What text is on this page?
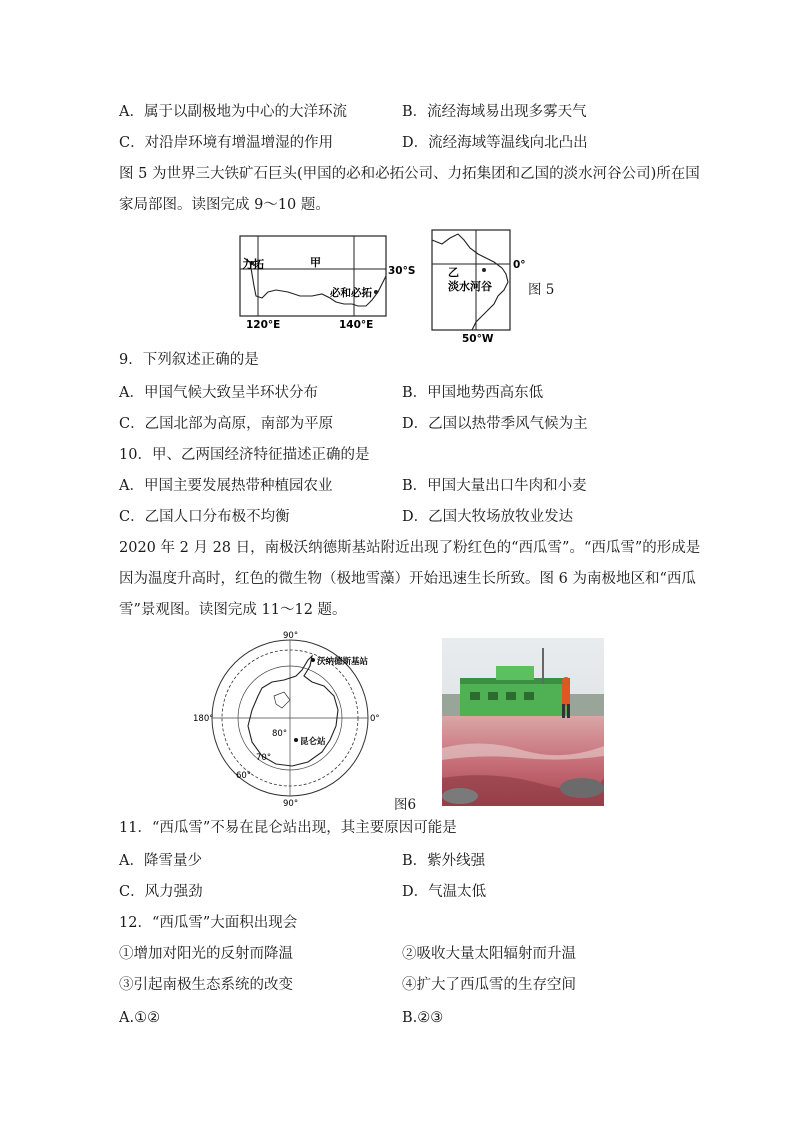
A．属于以副极地为中心的大洋环流	B．流经海域易出现多雾天气
C．对沿岸环境有增温增湿的作用	D．流经海域等温线向北凸出
图 5 为世界三大铁矿石巨头(甲国的必和必拓公司、力拓集团和乙国的淡水河谷公司)所在国
家局部图。读图完成 9～10 题。
甲
力拓
必和必拓
30°S
120°E	140°E
乙
淡水河谷
0°
50°W
图 5
9．下列叙述正确的是
A．甲国气候大致呈半环状分布	B．甲国地势西高东低
C．乙国北部为高原，南部为平原	D．乙国以热带季风气候为主
10．甲、乙两国经济特征描述正确的是
A．甲国主要发展热带种植园农业	B．甲国大量出口牛肉和小麦
C．乙国人口分布极不均衡	D．乙国大牧场放牧业发达
2020 年 2 月 28 日，南极沃纳德斯基站附近出现了粉红色的“西瓜雪”。“西瓜雪”的形成是
因为温度升高时，红色的微生物（极地雪藻）开始迅速生长所致。图 6 为南极地区和“西瓜
雪”景观图。读图完成 11～12 题。
90°
180°	0°
90°
80°
70°
60°
沃纳德斯基站
昆仑站
图6
11．“西瓜雪”不易在昆仑站出现，其主要原因可能是
A．降雪量少	B．紫外线强
C．风力强劲	D．气温太低
12．“西瓜雪”大面积出现会
①增加对阳光的反射而降温	②吸收大量太阳辐射而升温
③引起南极生态系统的改变	④扩大了西瓜雪的生存空间
A.①②	B.②③
